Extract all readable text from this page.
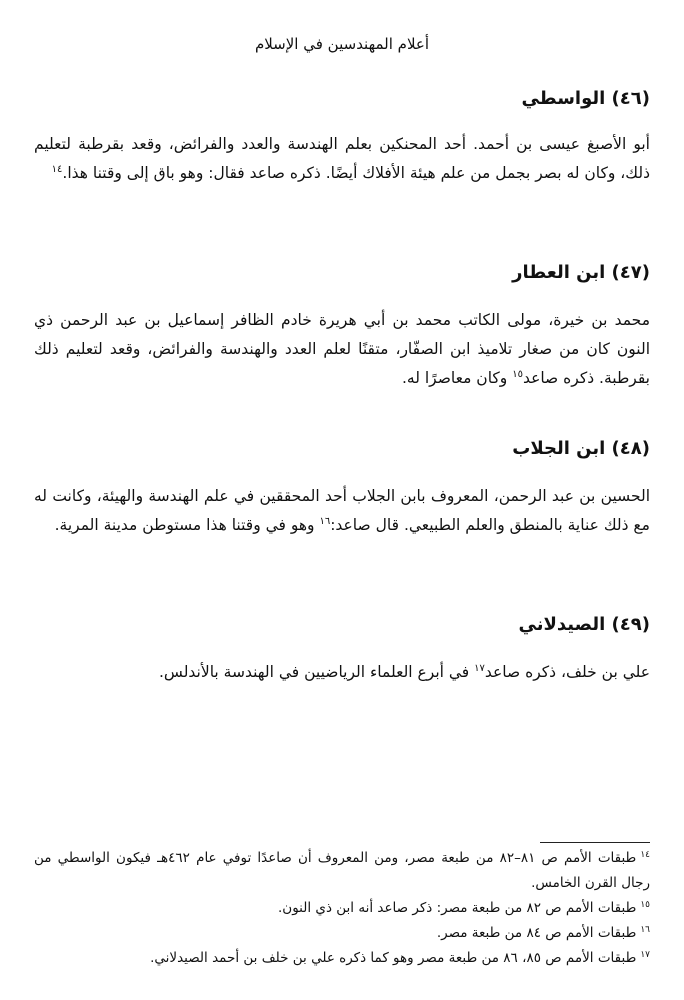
أعلام المهندسين في الإسلام
(٤٦) الواسطي
أبو الأصبغ عيسى بن أحمد. أحد المحنكين بعلم الهندسة والعدد والفرائض، وقعد بقرطبة لتعليم ذلك، وكان له بصر بجمل من علم هيئة الأفلاك أيضًا. ذكره صاعد فقال: وهو باق إلى وقتنا هذا.$^{١٤}$
(٤٧) ابن العطار
محمد بن خيرة، مولى الكاتب محمد بن أبي هريرة خادم الظافر إسماعيل بن عبد الرحمن ذي النون كان من صغار تلاميذ ابن الصفّار، متقنًا لعلم العدد والهندسة والفرائض، وقعد لتعليم ذلك بقرطبة. ذكره صاعد$^{١٥}$ وكان معاصرًا له.
(٤٨) ابن الجلاب
الحسين بن عبد الرحمن، المعروف بابن الجلاب أحد المحققين في علم الهندسة والهيئة، وكانت له مع ذلك عناية بالمنطق والعلم الطبيعي. قال صاعد:$^{١٦}$ وهو في وقتنا هذا مستوطن مدينة المرية.
(٤٩) الصيدلاني
علي بن خلف، ذكره صاعد$^{١٧}$ في أبرع العلماء الرياضيين في الهندسة بالأندلس.
$^{١٤}$طبقات الأمم ص ٨١–٨٢ من طبعة مصر، ومن المعروف أن صاعدًا توفي عام ٤٦٢هـ فيكون الواسطي من رجال القرن الخامس.
$^{١٥}$طبقات الأمم ص ٨٢ من طبعة مصر: ذكر صاعد أنه ابن ذي النون.
$^{١٦}$طبقات الأمم ص ٨٤ من طبعة مصر.
$^{١٧}$طبقات الأمم ص ٨٥، ٨٦ من طبعة مصر وهو كما ذكره علي بن خلف بن أحمد الصيدلاني.
